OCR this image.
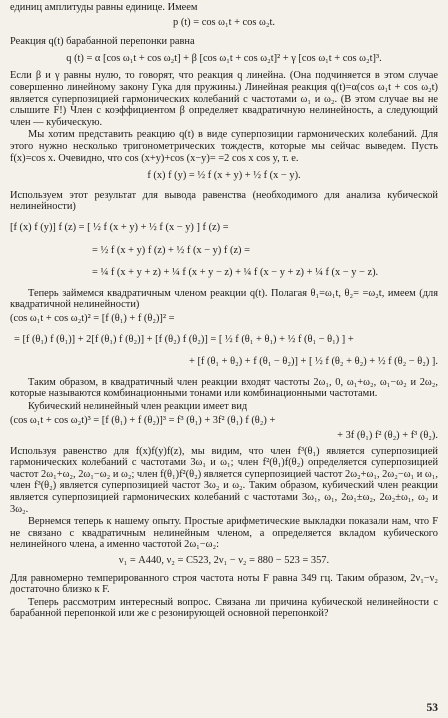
единиц амплитуды равны единице. Имеем

p (t) = cos ω₁t + cos ω₂t.

Реакция q(t) барабанной перепонки равна

q (t) = α [cos ω₁t + cos ω₂t] + β [cos ω₁t + cos ω₂t]² + γ [cos ω₁t + cos ω₂t]³.

Если β и γ равны нулю, то говорят, что реакция q линейна. (Она подчиняется в этом случае совершенно линейному закону Гука для пружины.) Линейная реакция q(t)=α(cos ω₁t + cos ω₂t) является суперпозицией гармонических колебаний с частотами ω₁ и ω₂. (В этом случае вы не слышите F!) Член с коэффициентом β определяет квадратичную нелинейность, а следующий член — кубическую.

Мы хотим представить реакцию q(t) в виде суперпозиции гармонических колебаний. Для этого нужно несколько тригонометрических тождеств, которые мы сейчас выведем. Пусть f(x)=cos x. Очевидно, что cos (x+y)+cos (x−y)= =2 cos x cos y, т. е.

f (x) f (y) = ½ f (x + y) + ½ f (x − y).

Используем этот результат для вывода равенства (необходимого для анализа кубической нелинейности)

[f (x) f (y)] f (z) = [ ½ f (x + y) + ½ f (x − y) ] f (z) =
= ½ f (x + y) f (z) + ½ f (x − y) f (z) =
= ¼ f (x + y + z) + ¼ f (x + y − z) + ¼ f (x − y + z) + ¼ f (x − y − z).

Теперь займемся квадратичным членом реакции q(t). Полагая θ₁=ω₁t, θ₂= =ω₂t, имеем (для квадратичной нелинейности)

(cos ω₁t + cos ω₂t)² = [f (θ₁) + f (θ₂)]² =
= [f (θ₁) f (θ₁)] + 2[f (θ₁) f (θ₂)] + [f (θ₂) f (θ₂)] = [ ½ f (θ₁ + θ₁) + ½ f (θ₁ − θ₁) ] +
+ [f (θ₁ + θ₂) + f (θ₁ − θ₂)] + [ ½ f (θ₂ + θ₂) + ½ f (θ₂ − θ₂) ].

Таким образом, в квадратичный член реакции входят частоты 2ω₁, 0, ω₁+ω₂, ω₁−ω₂ и 2ω₂, которые называются комбинационными тонами или комбинационными частотами.

Кубический нелинейный член реакции имеет вид

(cos ω₁t + cos ω₂t)³ = [f (θ₁) + f (θ₂)]³ = f³ (θ₁) + 3f² (θ₁) f (θ₂) +
+ 3f (θ₁) f² (θ₂) + f³ (θ₂).

Используя равенство для f(x)f(y)f(z), мы видим, что член f³(θ₁) является суперпозицией гармонических колебаний с частотами 3ω₁ и ω₁; член f²(θ₁)f(θ₂) определяется суперпозицией частот 2ω₁+ω₂, 2ω₁−ω₂ и ω₂; член f(θ₁)f²(θ₂) является суперпозицией частот 2ω₂+ω₁, 2ω₂−ω₁ и ω₁, член f³(θ₂) является суперпозицией частот 3ω₂ и ω₂. Таким образом, кубический член реакции является суперпозицией гармонических колебаний с частотами 3ω₁, ω₁, 2ω₁±ω₂, 2ω₂±ω₁, ω₂ и 3ω₂.

Вернемся теперь к нашему опыту. Простые арифметические выкладки показали нам, что F не связано с квадратичным нелинейным членом, а определяется вкладом кубического нелинейного члена, а именно частотой 2ω₁−ω₂:

ν₁ = A440, ν₂ = C523, 2ν₁ − ν₂ = 880 − 523 = 357.

Для равномерно темперированного строя частота ноты F равна 349 гц. Таким образом, 2ν₁−ν₂ достаточно близко к F.

Теперь рассмотрим интересный вопрос. Связана ли причина кубической нелинейности с барабанной перепонкой или же с резонирующей основной перепонкой?

53
